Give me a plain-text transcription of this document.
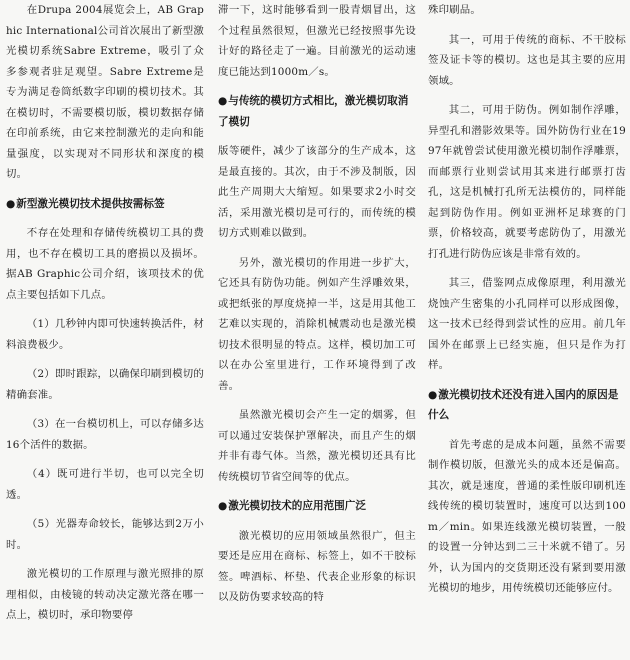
在Drupa 2004展览会上，AB Graphic International公司首次展出了新型激光模切系统Sabre Extreme，吸引了众多参观者驻足观望。Sabre Extreme是专为满足卷筒纸数字印刷的模切技术。其在模切时，不需要模切版，模切数据存储在印前系统，由它来控制激光的走向和能量强度，以实现对不同形状和深度的模切。

● 新型激光模切技术提供按需标签

不存在处理和存储传统模切工具的费用，也不存在模切工具的磨损以及损坏。据AB Graphic公司介绍，该项技术的优点主要包括如下几点。

（1）几秒钟内即可快速转换活件，材料浪费极少。

（2）即时跟踪，以确保印刷到模切的精确套准。

（3）在一台模切机上，可以存储多达16个活件的数据。

（4）既可进行半切，也可以完全切透。

（5）光器寿命较长，能够达到2万小时。

激光模切的工作原理与激光照排的原理相似，由棱镜的转动决定激光落在哪一点上，模切时，承印物要停

滞一下，这时能够看到一股青烟冒出，这个过程虽然很短，但激光已经按照事先设计好的路径走了一遍。目前激光的运动速度已能达到1000m／s。

● 与传统的模切方式相比，激光模切取消了模切

版等硬件，减少了该部分的生产成本，这是最直接的。其次，由于不涉及制版，因此生产周期大大缩短。如果要求2小时交活，采用激光模切是可行的，而传统的模切方式则难以做到。

另外，激光模切的作用进一步扩大，它还具有防伪功能。例如产生浮雕效果，或把纸张的厚度烧掉一半，这是用其他工艺难以实现的，消除机械震动也是激光模切技术很明显的特点。这样，模切加工可以在办公室里进行，工作环境得到了改善。

虽然激光模切会产生一定的烟雾，但可以通过安装保护罩解决，而且产生的烟并非有毒气体。当然，激光模切还具有比传统模切节省空间等的优点。

● 激光模切技术的应用范围广泛

激光模切的应用领域虽然很广，但主要还是应用在商标、标签上，如不干胶标签。啤酒标、杯垫、代表企业形象的标识以及防伪要求较高的特

殊印刷品。

其一，可用于传统的商标、不干胶标签及证卡等的模切。这也是其主要的应用领域。

其二，可用于防伪。例如制作浮雕，异型孔和潜影效果等。国外防伪行业在1997年就曾尝试使用激光模切制作浮雕票，而邮票行业则尝试用其来进行邮票打齿孔，这是机械打孔所无法模仿的，同样能起到防伪作用。例如亚洲杯足球赛的门票，价格较高，就要考虑防伪了，用激光打孔进行防伪应该是非常有效的。

其三，借鉴网点成像原理，利用激光烧蚀产生密集的小孔同样可以形成图像，这一技术已经得到尝试性的应用。前几年国外在邮票上已经实施，但只是作为打样。

● 激光模切技术还没有进入国内的原因是什么

首先考虑的是成本问题，虽然不需要制作模切版，但激光头的成本还是偏高。其次，就是速度，普通的柔性版印刷机连线传统的模切装置时，速度可以达到100m／min。如果连线激光模切装置，一般的设置一分钟达到二三十米就不错了。另外，认为国内的交货期还没有紧到要用激光模切的地步，用传统模切还能够应付。
